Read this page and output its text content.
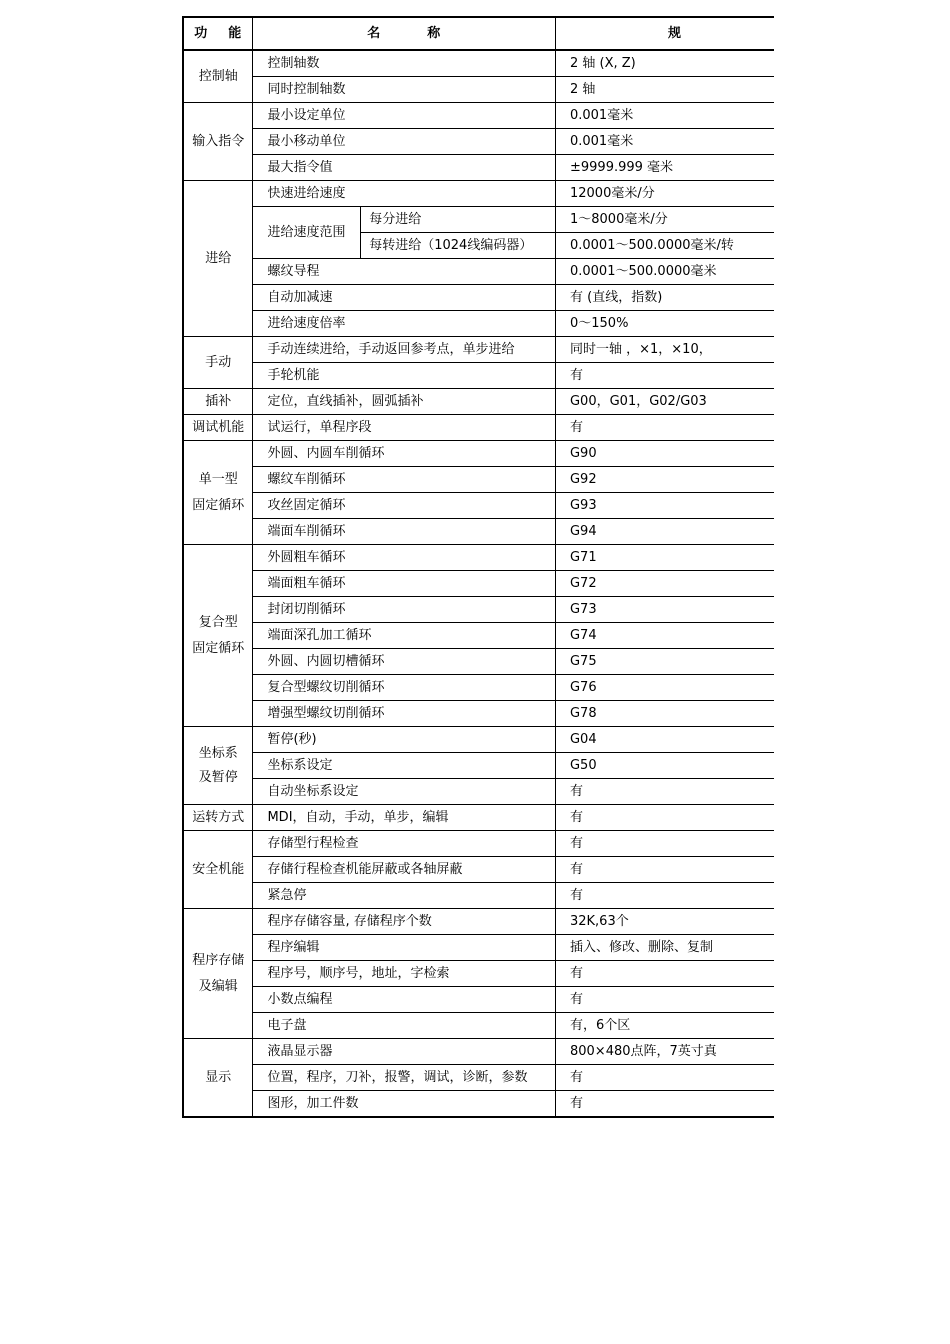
功 能	名 称		规
控制轴	控制轴数		2 轴 (X, Z)
	同时控制轴数		2 轴
输入指令	最小设定单位		0.001毫米
	最小移动单位		0.001毫米
	最大指令值		±9999.999 毫米
进给	快速进给速度		12000毫米/分
	进给速度范围	每分进给	1～8000毫米/分
		每转进给（1024线编码器）	0.0001～500.0000毫米/转
	螺纹导程		0.0001～500.0000毫米
	自动加减速		有 (直线，指数)
	进给速度倍率		0～150%
手动	手动连续进给，手动返回参考点，单步进给		同时一轴 ，×1，×10，
	手轮机能		有
插补	定位，直线插补，圆弧插补		G00，G01，G02/G03
调试机能	试运行，单程序段		有

单一型
固定循环	外圆、内圆车削循环		G90
	螺纹车削循环		G92
	攻丝固定循环		G93
	端面车削循环		G94

复合型
固定循环	外圆粗车循环		G71
	端面粗车循环		G72
	封闭切削循环		G73
	端面深孔加工循环		G74
	外圆、内圆切槽循环		G75
	复合型螺纹切削循环		G76
	增强型螺纹切削循环		G78

坐标系
及暂停	暂停(秒)		G04
	坐标系设定		G50
	自动坐标系设定		有
运转方式	MDI，自动，手动，单步，编辑		有
安全机能	存储型行程检查		有
	存储行程检查机能屏蔽或各轴屏蔽		有
	紧急停		有

程序存储
及编辑	程序存储容量, 存储程序个数		32K,63个
	程序编辑		插入、修改、删除、复制
	程序号，顺序号，地址，字检索		有
	小数点编程		有
	电子盘		有，6个区
显示	液晶显示器		800×480点阵，7英寸真
	位置，程序，刀补，报警，调试，诊断，参数		有
	图形，加工件数		有
